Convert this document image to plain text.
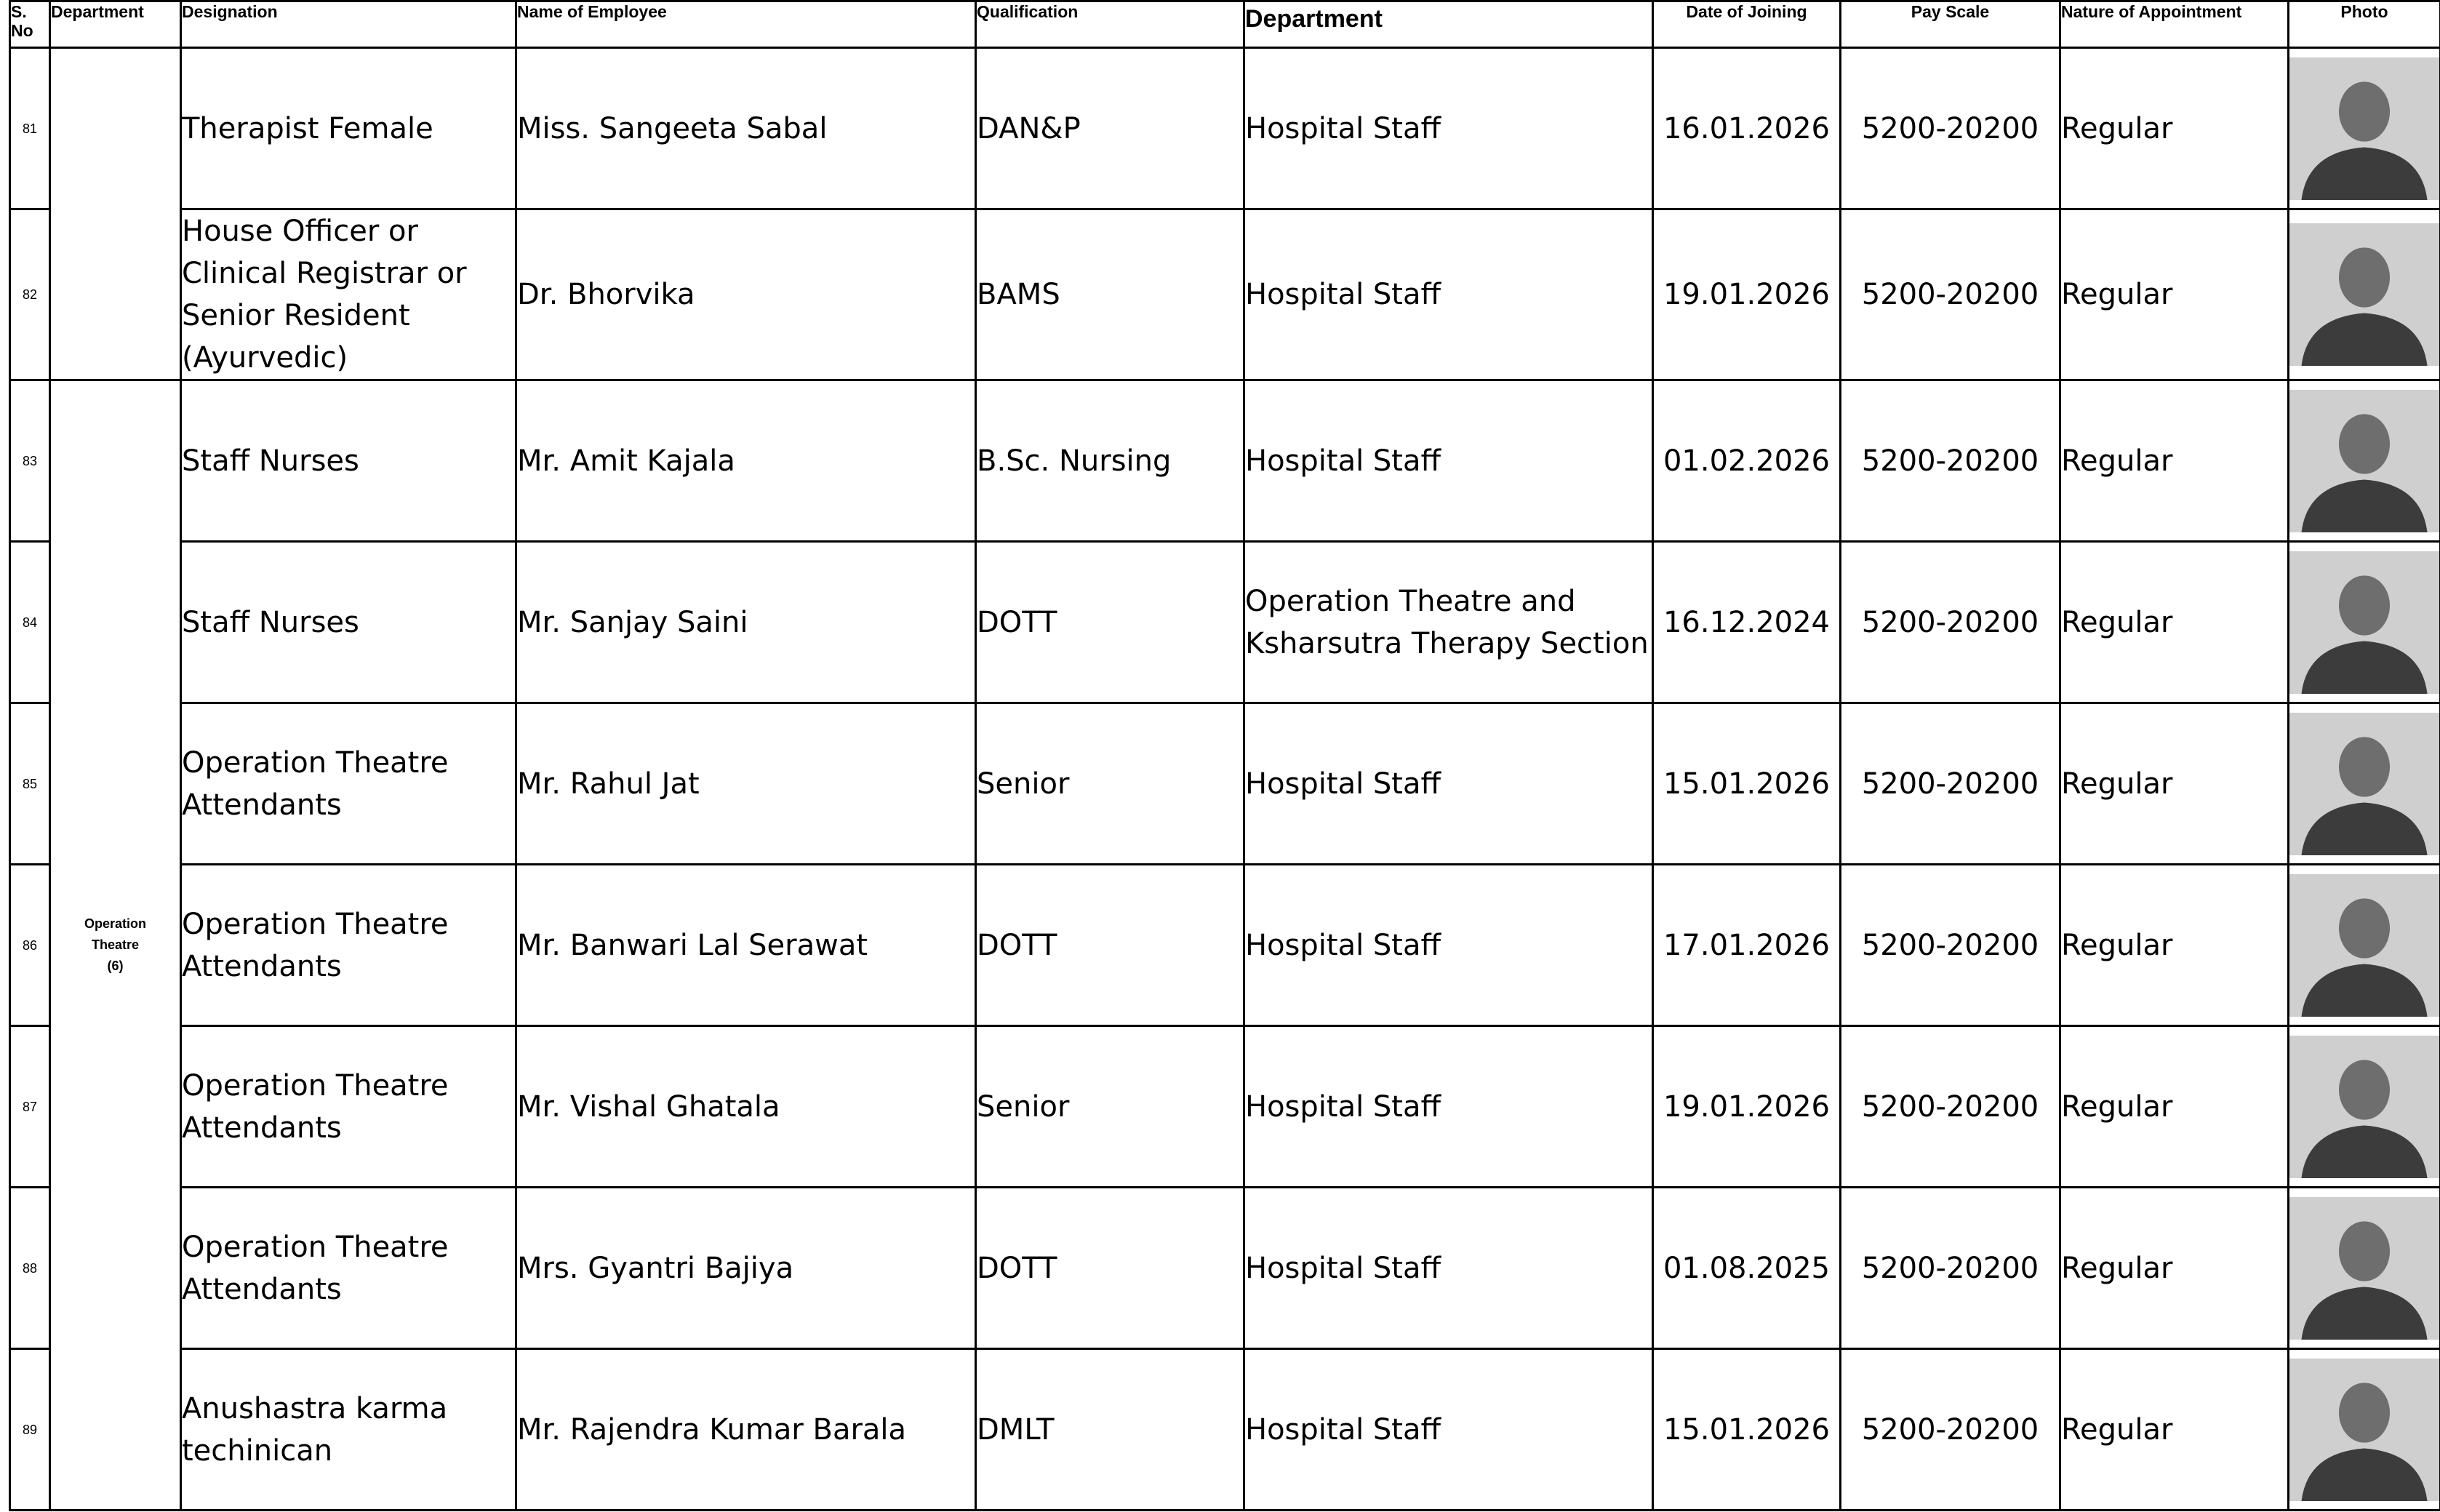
S. No	Department	Designation	Name of Employee	Qualification	Department	Date of Joining	Pay Scale	Nature of Appointment	Photo
81		Therapist Female	Miss. Sangeeta Sabal	DAN&P	Hospital Staff	16.01.2026	5200-20200	Regular	

82		House Officer or Clinical Registrar or Senior Resident (Ayurvedic)	Dr. Bhorvika	BAMS	Hospital Staff	19.01.2026	5200-20200	Regular	

83	Operation
Theatre
(6)	Staff Nurses	Mr. Amit Kajala	B.Sc. Nursing	Hospital Staff	01.02.2026	5200-20200	Regular	

84		Staff Nurses	Mr. Sanjay Saini	DOTT	Operation Theatre and Ksharsutra Therapy Section	16.12.2024	5200-20200	Regular	

85		Operation Theatre Attendants	Mr. Rahul Jat	Senior	Hospital Staff	15.01.2026	5200-20200	Regular	

86		Operation Theatre Attendants	Mr. Banwari Lal Serawat	DOTT	Hospital Staff	17.01.2026	5200-20200	Regular	

87		Operation Theatre Attendants	Mr. Vishal Ghatala	Senior	Hospital Staff	19.01.2026	5200-20200	Regular	

88		Operation Theatre Attendants	Mrs. Gyantri Bajiya	DOTT	Hospital Staff	01.08.2025	5200-20200	Regular	

89		Anushastra karma techinican	Mr. Rajendra Kumar Barala	DMLT	Hospital Staff	15.01.2026	5200-20200	Regular	
